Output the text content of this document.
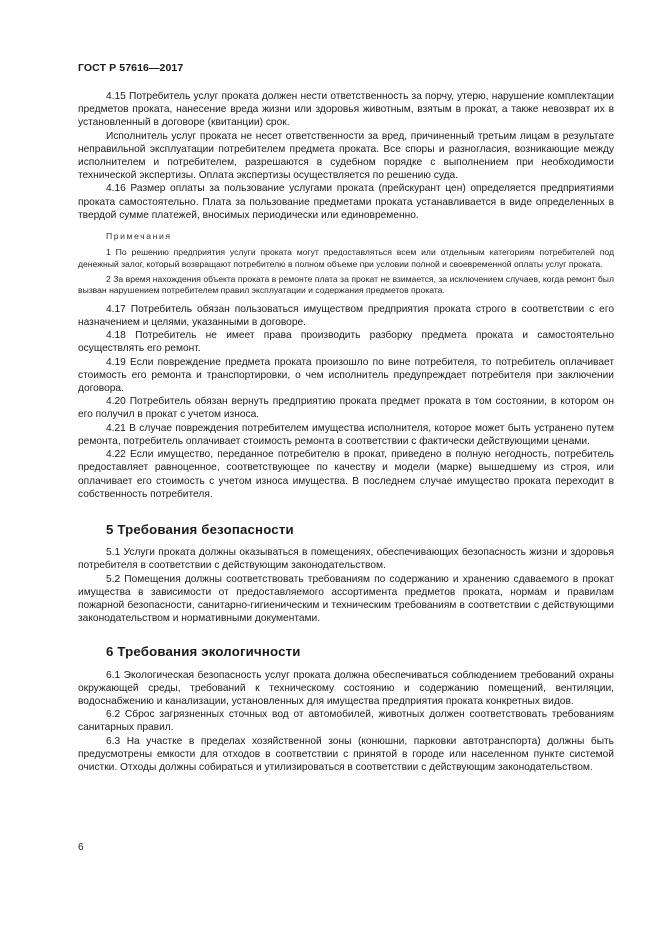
ГОСТ Р 57616—2017

4.15 Потребитель услуг проката должен нести ответственность за порчу, утерю, нарушение комплектации предметов проката, нанесение вреда жизни или здоровья животным, взятым в прокат, а также невозврат их в установленный в договоре (квитанции) срок.

Исполнитель услуг проката не несет ответственности за вред, причиненный третьим лицам в результате неправильной эксплуатации потребителем предмета проката. Все споры и разногласия, возникающие между исполнителем и потребителем, разрешаются в судебном порядке с выполнением при необходимости технической экспертизы. Оплата экспертизы осуществляется по решению суда.

4.16 Размер оплаты за пользование услугами проката (прейскурант цен) определяется предприятиями проката самостоятельно. Плата за пользование предметами проката устанавливается в виде определенных в твердой сумме платежей, вносимых периодически или единовременно.

Примечания

1 По решению предприятия услуги проката могут предоставляться всем или отдельным категориям потребителей под денежный залог, который возвращают потребителю в полном объеме при условии полной и своевременной оплаты услуг проката.

2 За время нахождения объекта проката в ремонте плата за прокат не взимается, за исключением случаев, когда ремонт был вызван нарушением потребителем правил эксплуатации и содержания предметов проката.

4.17 Потребитель обязан пользоваться имуществом предприятия проката строго в соответствии с его назначением и целями, указанными в договоре.

4.18 Потребитель не имеет права производить разборку предмета проката и самостоятельно осуществлять его ремонт.

4.19 Если повреждение предмета проката произошло по вине потребителя, то потребитель оплачивает стоимость его ремонта и транспортировки, о чем исполнитель предупреждает потребителя при заключении договора.

4.20 Потребитель обязан вернуть предприятию проката предмет проката в том состоянии, в котором он его получил в прокат с учетом износа.

4.21 В случае повреждения потребителем имущества исполнителя, которое может быть устранено путем ремонта, потребитель оплачивает стоимость ремонта в соответствии с фактически действующими ценами.

4.22 Если имущество, переданное потребителю в прокат, приведено в полную негодность, потребитель предоставляет равноценное, соответствующее по качеству и модели (марке) вышедшему из строя, или оплачивает его стоимость с учетом износа имущества. В последнем случае имущество проката переходит в собственность потребителя.

5 Требования безопасности

5.1 Услуги проката должны оказываться в помещениях, обеспечивающих безопасность жизни и здоровья потребителя в соответствии с действующим законодательством.

5.2 Помещения должны соответствовать требованиям по содержанию и хранению сдаваемого в прокат имущества в зависимости от предоставляемого ассортимента предметов проката, нормам и правилам пожарной безопасности, санитарно-гигиеническим и техническим требованиям в соответствии с действующими законодательством и нормативными документами.

6 Требования экологичности

6.1 Экологическая безопасность услуг проката должна обеспечиваться соблюдением требований охраны окружающей среды, требований к техническому состоянию и содержанию помещений, вентиляции, водоснабжению и канализации, установленных для имущества предприятия проката конкретных видов.

6.2 Сброс загрязненных сточных вод от автомобилей, животных должен соответствовать требованиям санитарных правил.

6.3 На участке в пределах хозяйственной зоны (конюшни, парковки автотранспорта) должны быть предусмотрены емкости для отходов в соответствии с принятой в городе или населенном пункте системой очистки. Отходы должны собираться и утилизироваться в соответствии с действующим законодательством.

6
